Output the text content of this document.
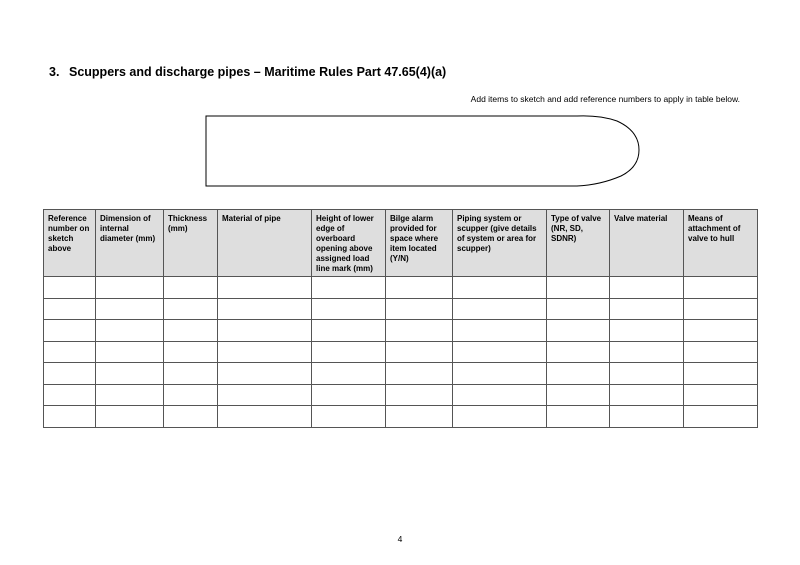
3. Scuppers and discharge pipes – Maritime Rules Part 47.65(4)(a)
Add items to sketch and add reference numbers to apply in table below.
Reference number on sketch above	Dimension of internal diameter (mm)	Thickness (mm)	Material of pipe	Height of lower edge of overboard opening above assigned load line mark (mm)	Bilge alarm provided for space where item located (Y/N)	Piping system or scupper (give details of system or area for scupper)	Type of valve (NR, SD, SDNR)	Valve material	Means of attachment of valve to hull

4
